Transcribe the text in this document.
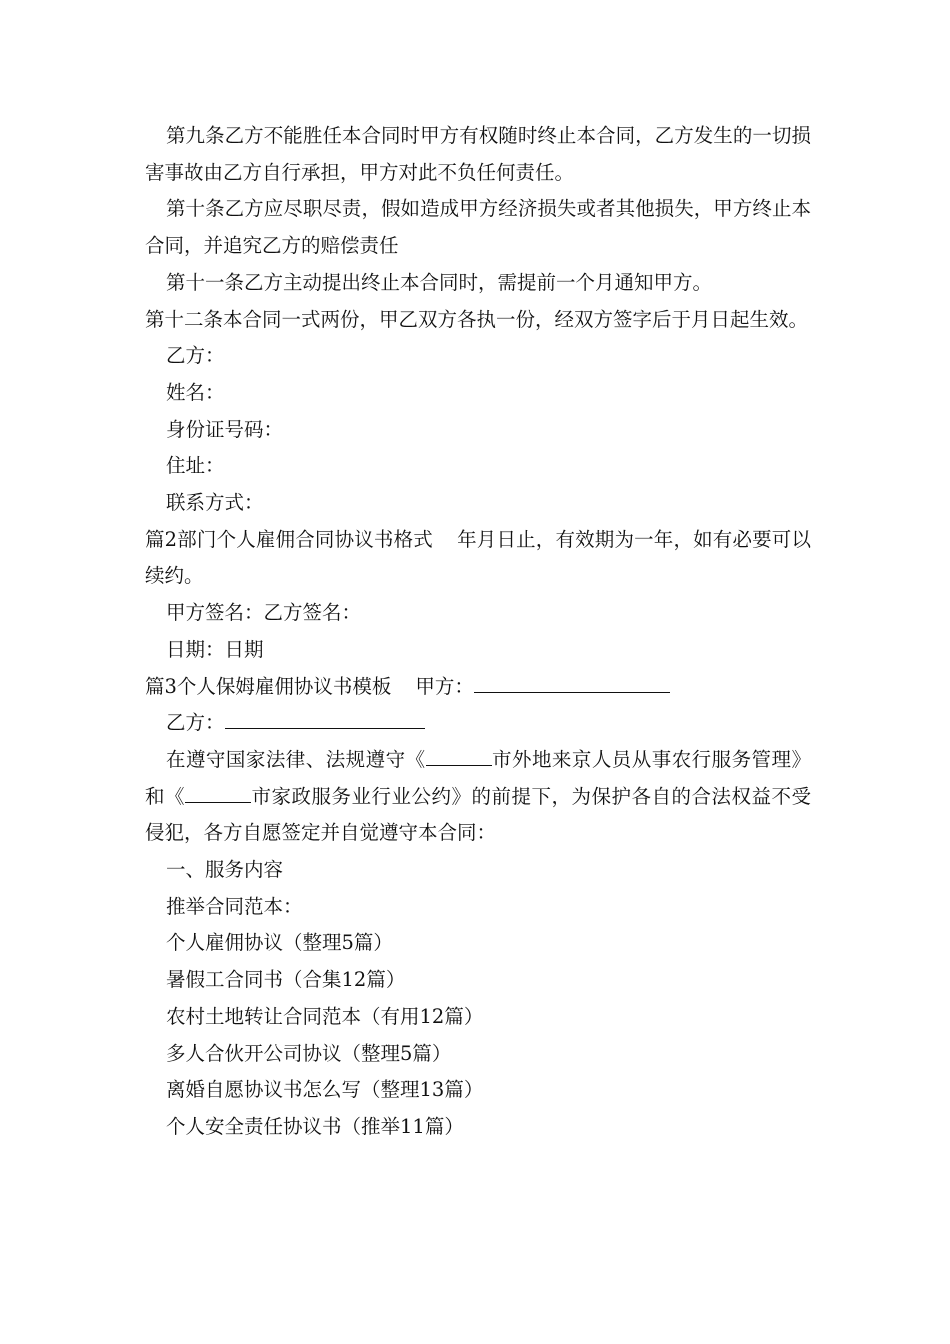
第九条乙方不能胜任本合同时甲方有权随时终止本合同，乙方发生的一切损害事故由乙方自行承担，甲方对此不负任何责任。

第十条乙方应尽职尽责，假如造成甲方经济损失或者其他损失，甲方终止本合同，并追究乙方的赔偿责任

第十一条乙方主动提出终止本合同时，需提前一个月通知甲方。

第十二条本合同一式两份，甲乙双方各执一份，经双方签字后于月日起生效。

乙方：

姓名：

身份证号码：

住址：

联系方式：

篇2部门个人雇佣合同协议书格式 年月日止，有效期为一年，如有必要可以续约。

甲方签名：乙方签名：

日期：日期

篇3个人保姆雇佣协议书模板 甲方：

乙方：

在遵守国家法律、法规遵守《	市外地来京人员从事农行服务管理》和《	市家政服务业行业公约》的前提下，为保护各自的合法权益不受侵犯，各方自愿签定并自觉遵守本合同：

一、服务内容

推举合同范本：

个人雇佣协议（整理5篇）

暑假工合同书（合集12篇）

农村土地转让合同范本（有用12篇）

多人合伙开公司协议（整理5篇）

离婚自愿协议书怎么写（整理13篇）

个人安全责任协议书（推举11篇）
